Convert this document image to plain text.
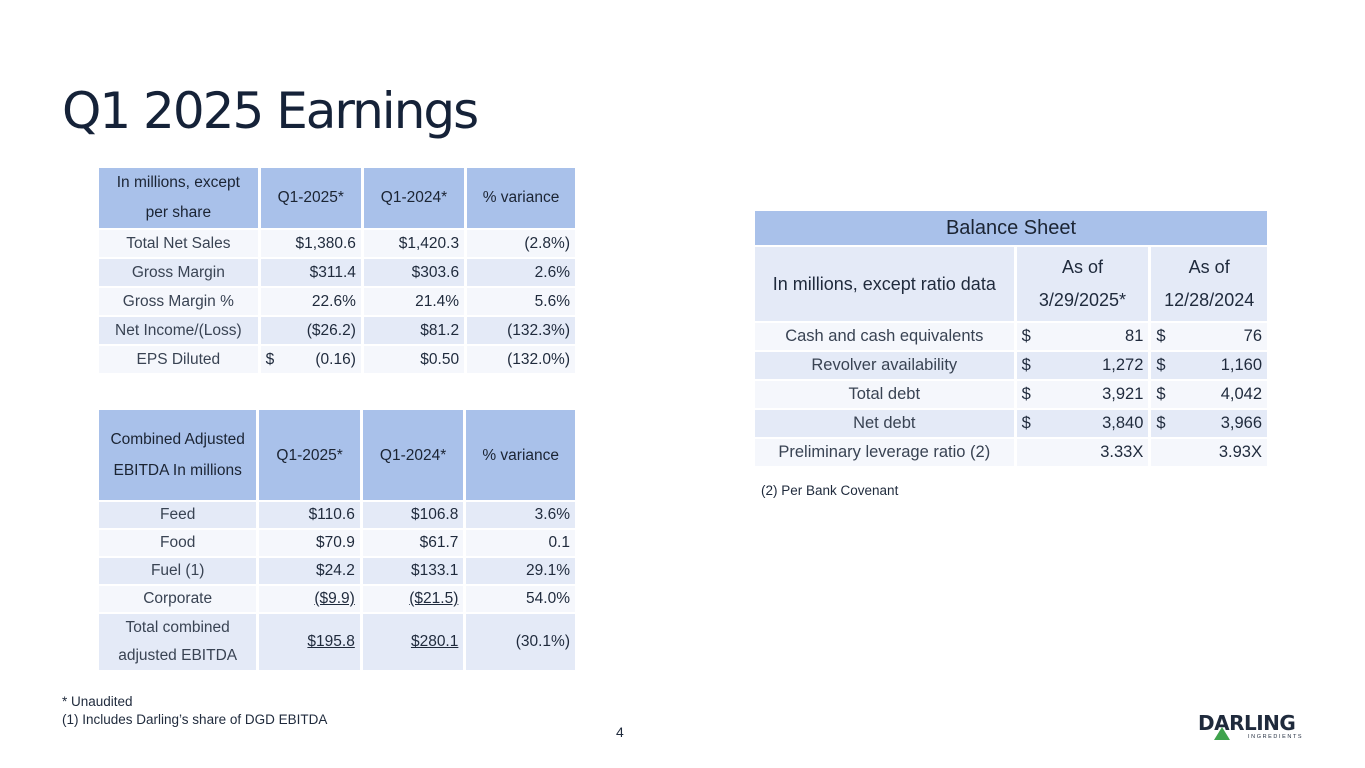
Q1 2025 Earnings
In millions, except per share	Q1-2025*	Q1-2024*	% variance
Total Net Sales	$1,380.6	$1,420.3	(2.8%)
Gross Margin	$311.4	$303.6	2.6%
Gross Margin %	22.6%	21.4%	5.6%
Net Income/(Loss)	($26.2)	$81.2	(132.3%)
EPS Diluted	$ (0.16)	$0.50	(132.0%)
Combined Adjusted EBITDA In millions	Q1-2025*	Q1-2024*	% variance
Feed	$110.6	$106.8	3.6%
Food	$70.9	$61.7	0.1
Fuel (1)	$24.2	$133.1	29.1%
Corporate	($9.9)	($21.5)	54.0%
Total combined adjusted EBITDA	$195.8	$280.1	(30.1%)
Balance Sheet		
In millions, except ratio data	As of 3/29/2025*	As of 12/28/2024
Cash and cash equivalents	$ 81	$ 76

Revolver availability	$ 1,272	$ 1,160

Total debt	$ 3,921	$ 4,042

Net debt	$ 3,840	$ 3,966

Preliminary leverage ratio (2)	3.33X	3.93X
(2) Per Bank Covenant
* Unaudited
(1) Includes Darling’s share of DGD EBITDA
4	DARLING
INGREDIENTS
